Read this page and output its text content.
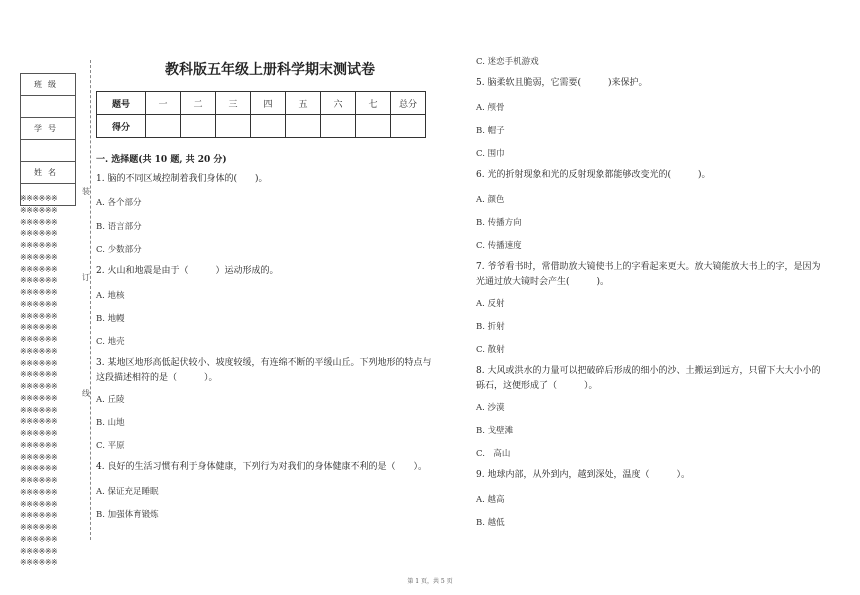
班级

学号

姓名

※※※※※※
※※※※※※
※※※※※※
※※※※※※
※※※※※※
※※※※※※
※※※※※※
※※※※※※
※※※※※※
※※※※※※
※※※※※※
※※※※※※
※※※※※※
※※※※※※
※※※※※※
※※※※※※
※※※※※※
※※※※※※
※※※※※※
※※※※※※
※※※※※※
※※※※※※
※※※※※※
※※※※※※
※※※※※※
※※※※※※
※※※※※※
※※※※※※
※※※※※※
※※※※※※
※※※※※※
※※※※※※
装
订
线
教科版五年级上册科学期末测试卷
题号	一	二	三	四	五	六	七	总分
得分								
一. 选择题(共 10 题, 共 20 分)
1. 脑的不同区域控制着我们身体的(　　)。
A. 各个部分
B. 语言部分
C. 少数部分
2. 火山和地震是由于（　　　）运动形成的。
A. 地核
B. 地幔
C. 地壳
3. 某地区地形高低起伏较小、坡度较缓，有连绵不断的平缓山丘。下列地形的特点与这段描述相符的是（　　　）。
A. 丘陵
B. 山地
C. 平原
4. 良好的生活习惯有利于身体健康，下列行为对我们的身体健康不利的是（　　）。
A. 保证充足睡眠
B. 加强体育锻炼
C. 迷恋手机游戏
5. 脑柔软且脆弱，它需要(　　　)来保护。
A. 颅骨
B. 帽子
C. 围巾
6. 光的折射现象和光的反射现象都能够改变光的(　　　)。
A. 颜色
B. 传播方向
C. 传播速度
7. 爷爷看书时，常借助放大镜使书上的字看起来更大。放大镜能放大书上的字，是因为光通过放大镜时会产生(　　　)。
A. 反射
B. 折射
C. 散射
8. 大风或洪水的力量可以把破碎后形成的细小的沙、土搬运到远方，只留下大大小小的砾石，这便形成了（　　　）。
A. 沙漠
B. 戈壁滩
C.　高山
9. 地球内部，从外到内，越到深处，温度（　　　）。
A. 越高
B. 越低
第 1 页，共 5 页
